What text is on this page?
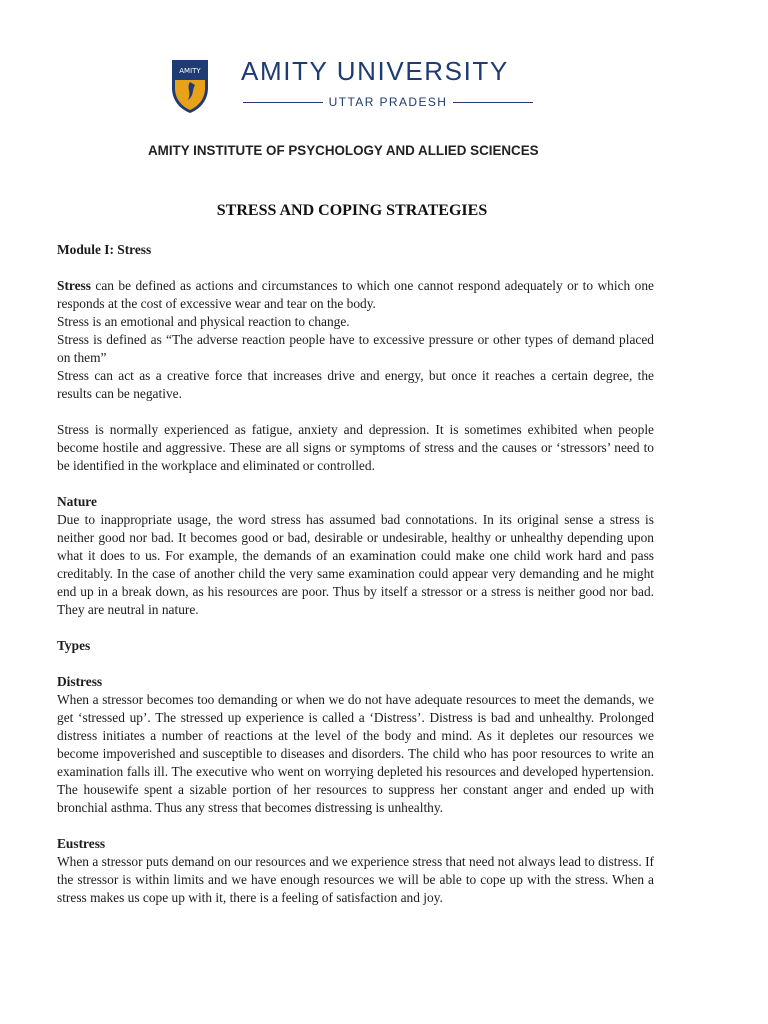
AMITY AMITY UNIVERSITY
UTTAR PRADESH
AMITY INSTITUTE OF PSYCHOLOGY AND ALLIED SCIENCES
STRESS AND COPING STRATEGIES

Module I: Stress

Stress can be defined as actions and circumstances to which one cannot respond adequately or to which one responds at the cost of excessive wear and tear on the body.

Stress is an emotional and physical reaction to change.

Stress is defined as “The adverse reaction people have to excessive pressure or other types of demand placed on them”

Stress can act as a creative force that increases drive and energy, but once it reaches a certain degree, the results can be negative.

Stress is normally experienced as fatigue, anxiety and depression. It is sometimes exhibited when people become hostile and aggressive. These are all signs or symptoms of stress and the causes or ‘stressors’ need to be identified in the workplace and eliminated or controlled.

Nature

Due to inappropriate usage, the word stress has assumed bad connotations. In its original sense a stress is neither good nor bad. It becomes good or bad, desirable or undesirable, healthy or unhealthy depending upon what it does to us. For example, the demands of an examination could make one child work hard and pass creditably. In the case of another child the very same examination could appear very demanding and he might end up in a break down, as his resources are poor. Thus by itself a stressor or a stress is neither good nor bad. They are neutral in nature.

Types

Distress

When a stressor becomes too demanding or when we do not have adequate resources to meet the demands, we get ‘stressed up’. The stressed up experience is called a ‘Distress’. Distress is bad and unhealthy. Prolonged distress initiates a number of reactions at the level of the body and mind. As it depletes our resources we become impoverished and susceptible to diseases and disorders. The child who has poor resources to write an examination falls ill. The executive who went on worrying depleted his resources and developed hypertension. The housewife spent a sizable portion of her resources to suppress her constant anger and ended up with bronchial asthma. Thus any stress that becomes distressing is unhealthy.

Eustress

When a stressor puts demand on our resources and we experience stress that need not always lead to distress. If the stressor is within limits and we have enough resources we will be able to cope up with the stress. When a stress makes us cope up with it, there is a feeling of satisfaction and joy.
